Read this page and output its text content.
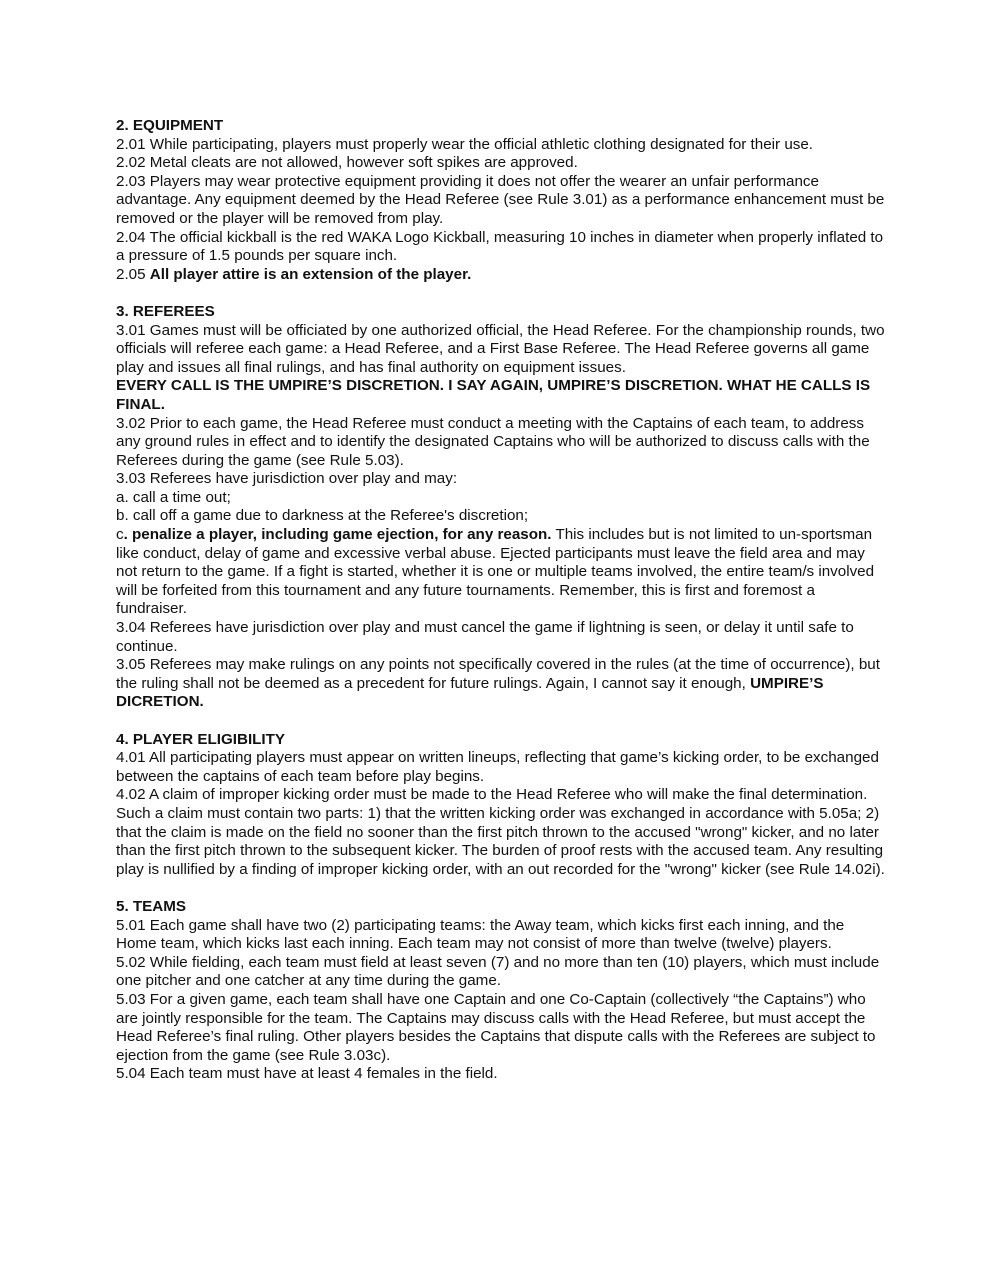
2. EQUIPMENT

2.01 While participating, players must properly wear the official athletic clothing designated for their use.

2.02 Metal cleats are not allowed, however soft spikes are approved.

2.03 Players may wear protective equipment providing it does not offer the wearer an unfair performance advantage. Any equipment deemed by the Head Referee (see Rule 3.01) as a performance enhancement must be removed or the player will be removed from play.

2.04 The official kickball is the red WAKA Logo Kickball, measuring 10 inches in diameter when properly inflated to a pressure of 1.5 pounds per square inch.

2.05 All player attire is an extension of the player.

3. REFEREES

3.01 Games must will be officiated by one authorized official, the Head Referee. For the championship rounds, two officials will referee each game: a Head Referee, and a First Base Referee. The Head Referee governs all game play and issues all final rulings, and has final authority on equipment issues.

EVERY CALL IS THE UMPIRE’S DISCRETION. I SAY AGAIN, UMPIRE’S DISCRETION. WHAT HE CALLS IS FINAL.

3.02 Prior to each game, the Head Referee must conduct a meeting with the Captains of each team, to address any ground rules in effect and to identify the designated Captains who will be authorized to discuss calls with the Referees during the game (see Rule 5.03).

3.03 Referees have jurisdiction over play and may:

a. call a time out;

b. call off a game due to darkness at the Referee's discretion;

c. penalize a player, including game ejection, for any reason. This includes but is not limited to un-sportsman like conduct, delay of game and excessive verbal abuse. Ejected participants must leave the field area and may not return to the game. If a fight is started, whether it is one or multiple teams involved, the entire team/s involved will be forfeited from this tournament and any future tournaments. Remember, this is first and foremost a fundraiser.

3.04 Referees have jurisdiction over play and must cancel the game if lightning is seen, or delay it until safe to continue.

3.05 Referees may make rulings on any points not specifically covered in the rules (at the time of occurrence), but the ruling shall not be deemed as a precedent for future rulings. Again, I cannot say it enough, UMPIRE’S DICRETION.

4. PLAYER ELIGIBILITY

4.01 All participating players must appear on written lineups, reflecting that game’s kicking order, to be exchanged between the captains of each team before play begins.

4.02 A claim of improper kicking order must be made to the Head Referee who will make the final determination. Such a claim must contain two parts: 1) that the written kicking order was exchanged in accordance with 5.05a; 2) that the claim is made on the field no sooner than the first pitch thrown to the accused "wrong" kicker, and no later than the first pitch thrown to the subsequent kicker. The burden of proof rests with the accused team. Any resulting play is nullified by a finding of improper kicking order, with an out recorded for the "wrong" kicker (see Rule 14.02i).

5. TEAMS

5.01 Each game shall have two (2) participating teams: the Away team, which kicks first each inning, and the Home team, which kicks last each inning. Each team may not consist of more than twelve (twelve) players.

5.02 While fielding, each team must field at least seven (7) and no more than ten (10) players, which must include one pitcher and one catcher at any time during the game.

5.03 For a given game, each team shall have one Captain and one Co-Captain (collectively “the Captains”) who are jointly responsible for the team. The Captains may discuss calls with the Head Referee, but must accept the Head Referee’s final ruling. Other players besides the Captains that dispute calls with the Referees are subject to ejection from the game (see Rule 3.03c).

5.04 Each team must have at least 4 females in the field.
